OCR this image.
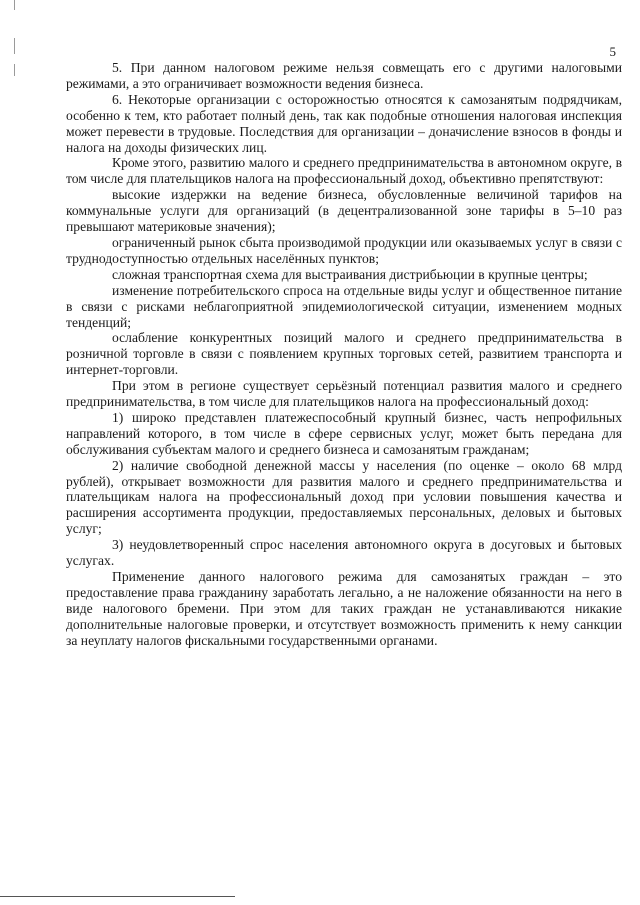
5

5. При данном налоговом режиме нельзя совмещать его с другими налоговыми режимами, а это ограничивает возможности ведения бизнеса.

6. Некоторые организации с осторожностью относятся к самозанятым подрядчикам, особенно к тем, кто работает полный день, так как подобные отношения налоговая инспекция может перевести в трудовые. Последствия для организации – доначисление взносов в фонды и налога на доходы физических лиц.

Кроме этого, развитию малого и среднего предпринимательства в автономном округе, в том числе для плательщиков налога на профессиональный доход, объективно препятствуют:

высокие издержки на ведение бизнеса, обусловленные величиной тарифов на коммунальные услуги для организаций (в децентрализованной зоне тарифы в 5–10 раз превышают материковые значения);

ограниченный рынок сбыта производимой продукции или оказываемых услуг в связи с труднодоступностью отдельных населённых пунктов;

сложная транспортная схема для выстраивания дистрибьюции в крупные центры;

изменение потребительского спроса на отдельные виды услуг и общественное питание в связи с рисками неблагоприятной эпидемиологической ситуации, изменением модных тенденций;

ослабление конкурентных позиций малого и среднего предпринимательства в розничной торговле в связи с появлением крупных торговых сетей, развитием транспорта и интернет-торговли.

При этом в регионе существует серьёзный потенциал развития малого и среднего предпринимательства, в том числе для плательщиков налога на профессиональный доход:

1) широко представлен платежеспособный крупный бизнес, часть непрофильных направлений которого, в том числе в сфере сервисных услуг, может быть передана для обслуживания субъектам малого и среднего бизнеса и самозанятым гражданам;

2) наличие свободной денежной массы у населения (по оценке – около 68 млрд рублей), открывает возможности для развития малого и среднего предпринимательства и плательщикам налога на профессиональный доход при условии повышения качества и расширения ассортимента продукции, предоставляемых персональных, деловых и бытовых услуг;

3) неудовлетворенный спрос населения автономного округа в досуговых и бытовых услугах.

Применение данного налогового режима для самозанятых граждан – это предоставление права гражданину заработать легально, а не наложение обязанности на него в виде налогового бремени. При этом для таких граждан не устанавливаются никакие дополнительные налоговые проверки, и отсутствует возможность применить к нему санкции за неуплату налогов фискальными государственными органами.
